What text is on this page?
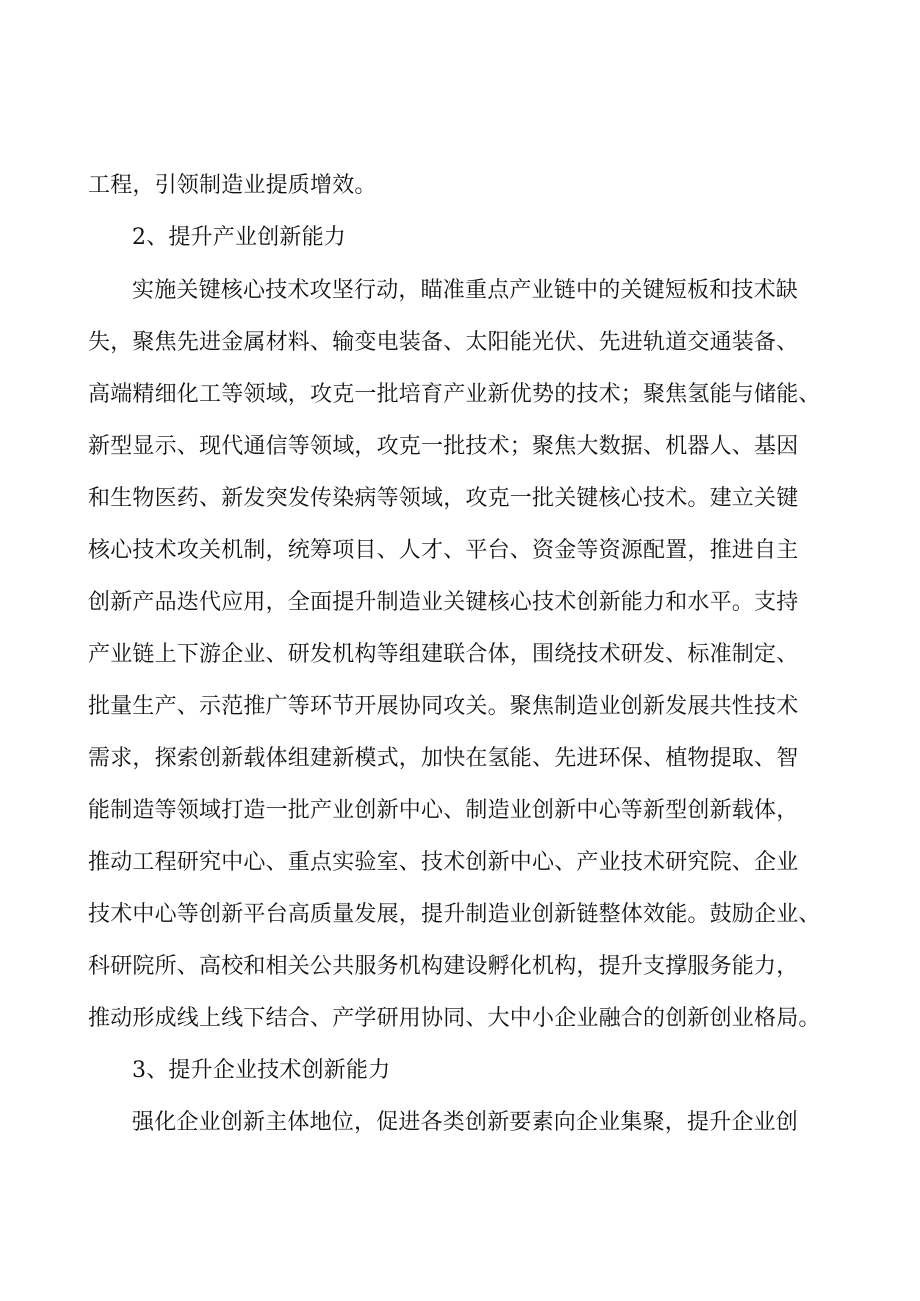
工程，引领制造业提质增效。
2、提升产业创新能力
实施关键核心技术攻坚行动，瞄准重点产业链中的关键短板和技术缺
失，聚焦先进金属材料、输变电装备、太阳能光伏、先进轨道交通装备、
高端精细化工等领域，攻克一批培育产业新优势的技术；聚焦氢能与储能、
新型显示、现代通信等领域，攻克一批技术；聚焦大数据、机器人、基因
和生物医药、新发突发传染病等领域，攻克一批关键核心技术。建立关键
核心技术攻关机制，统筹项目、人才、平台、资金等资源配置，推进自主
创新产品迭代应用，全面提升制造业关键核心技术创新能力和水平。支持
产业链上下游企业、研发机构等组建联合体，围绕技术研发、标准制定、
批量生产、示范推广等环节开展协同攻关。聚焦制造业创新发展共性技术
需求，探索创新载体组建新模式，加快在氢能、先进环保、植物提取、智
能制造等领域打造一批产业创新中心、制造业创新中心等新型创新载体，
推动工程研究中心、重点实验室、技术创新中心、产业技术研究院、企业
技术中心等创新平台高质量发展，提升制造业创新链整体效能。鼓励企业、
科研院所、高校和相关公共服务机构建设孵化机构，提升支撑服务能力，
推动形成线上线下结合、产学研用协同、大中小企业融合的创新创业格局。
3、提升企业技术创新能力
强化企业创新主体地位，促进各类创新要素向企业集聚，提升企业创
